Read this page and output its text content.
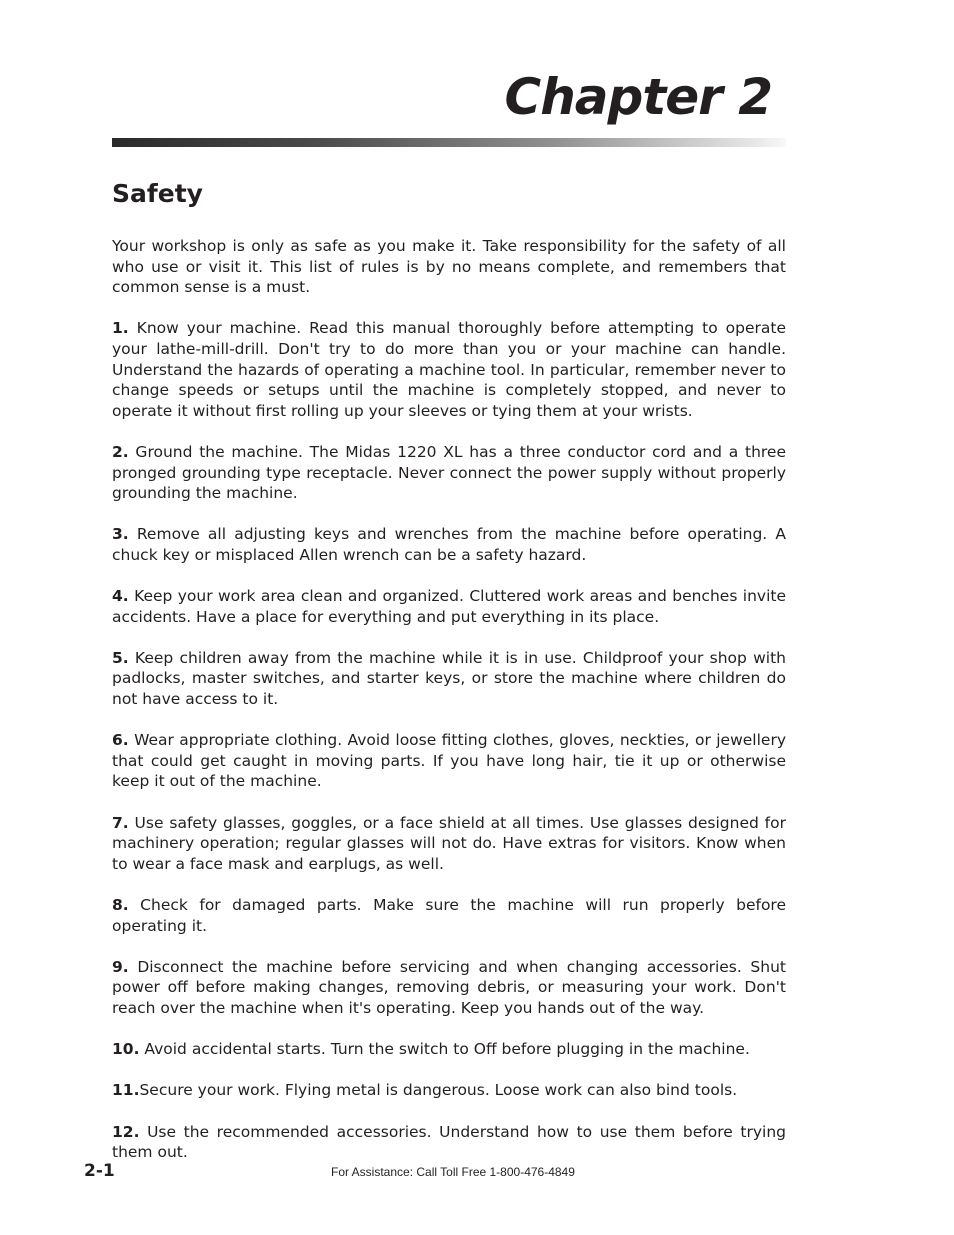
Chapter 2
Safety

Your workshop is only as safe as you make it. Take responsibility for the safety of all who use or visit it. This list of rules is by no means complete, and remembers that common sense is a must.

1. Know your machine. Read this manual thoroughly before attempting to operate your lathe-mill-drill. Don't try to do more than you or your machine can handle. Understand the hazards of operating a machine tool. In particular, remember never to change speeds or setups until the machine is completely stopped, and never to operate it without first rolling up your sleeves or tying them at your wrists.

2. Ground the machine. The Midas 1220 XL has a three conductor cord and a three pronged grounding type receptacle. Never connect the power supply without properly grounding the machine.

3. Remove all adjusting keys and wrenches from the machine before operating. A chuck key or misplaced Allen wrench can be a safety hazard.

4. Keep your work area clean and organized. Cluttered work areas and benches invite accidents. Have a place for everything and put everything in its place.

5. Keep children away from the machine while it is in use. Childproof your shop with padlocks, master switches, and starter keys, or store the machine where children do not have access to it.

6. Wear appropriate clothing. Avoid loose fitting clothes, gloves, neckties, or jewellery that could get caught in moving parts. If you have long hair, tie it up or otherwise keep it out of the machine.

7. Use safety glasses, goggles, or a face shield at all times. Use glasses designed for machinery operation; regular glasses will not do. Have extras for visitors. Know when to wear a face mask and earplugs, as well.

8. Check for damaged parts. Make sure the machine will run properly before operating it.

9. Disconnect the machine before servicing and when changing accessories. Shut power off before making changes, removing debris, or measuring your work. Don't reach over the machine when it's operating. Keep you hands out of the way.

10. Avoid accidental starts. Turn the switch to Off before plugging in the machine.

11.Secure your work. Flying metal is dangerous. Loose work can also bind tools.

12. Use the recommended accessories. Understand how to use them before trying them out.

2-1	For Assistance: Call Toll Free 1-800-476-4849
